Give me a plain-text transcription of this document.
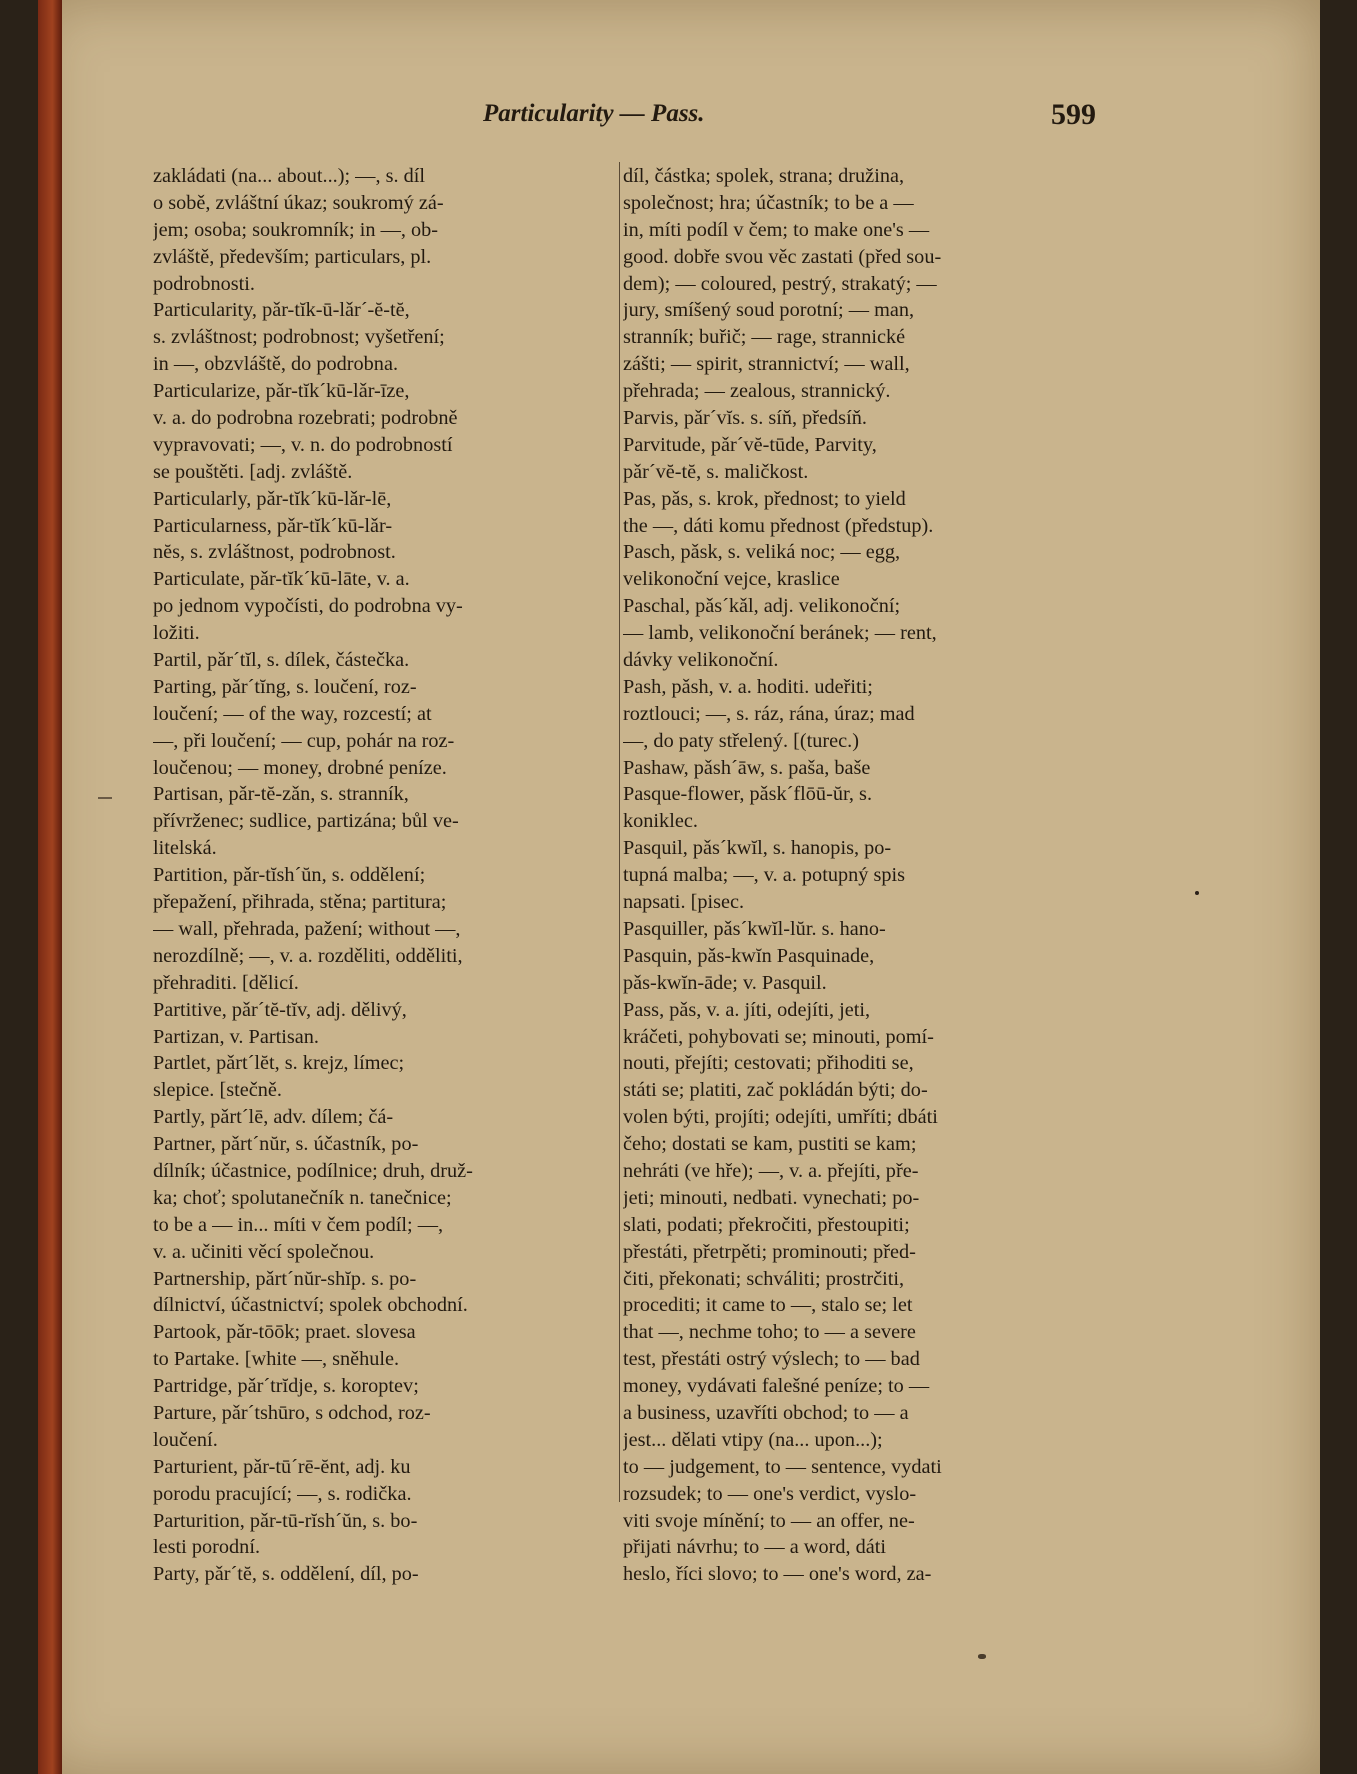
Particularity — Pass.	599
zakládati (na... about...); —, s. díl
o sobě, zvláštní úkaz; soukromý zá-
jem; osoba; soukromník; in —, ob-
zvláště, především; particulars, pl.
podrobnosti.
Particularity, pǎr-tĭk-ū-lǎr´-ĕ-tĕ,
s. zvláštnost; podrobnost; vyšetření;
in —, obzvláště, do podrobna.
Particularize, pǎr-tĭk´kū-lǎr-īze,
v. a. do podrobna rozebrati; podrobně
vypravovati; —, v. n. do podrobností
se pouštěti. [adj. zvláště.
Particularly, pǎr-tĭk´kū-lǎr-lē,
Particularness, pǎr-tĭk´kū-lǎr-
nĕs, s. zvláštnost, podrobnost.
Particulate, pǎr-tĭk´kū-lāte, v. a.
po jednom vypočísti, do podrobna vy-
ložiti.
Partil, pǎr´tĭl, s. dílek, částečka.
Parting, pǎr´tĭng, s. loučení, roz-
loučení; — of the way, rozcestí; at
—, při loučení; — cup, pohár na roz-
loučenou; — money, drobné peníze.
Partisan, pǎr-tĕ-zǎn, s. stranník,
přívrženec; sudlice, partizána; bůl ve-
litelská.
Partition, pǎr-tĭsh´ŭn, s. oddělení;
přepažení, přihrada, stěna; partitura;
— wall, přehrada, pažení; without —,
nerozdílně; —, v. a. rozděliti, odděliti,
přehraditi. [dělicí.
Partitive, pǎr´tĕ-tĭv, adj. dělivý,
Partizan, v. Partisan.
Partlet, pǎrt´lĕt, s. krejz, límec;
slepice. [stečně.
Partly, pǎrt´lē, adv. dílem; čá-
Partner, pǎrt´nŭr, s. účastník, po-
dílník; účastnice, podílnice; druh, druž-
ka; choť; spolutanečník n. tanečnice;
to be a — in... míti v čem podíl; —,
v. a. učiniti věcí společnou.
Partnership, pǎrt´nŭr-shĭp. s. po-
dílnictví, účastnictví; spolek obchodní.
Partook, pǎr-tōōk; praet. slovesa
to Partake. [white —, sněhule.
Partridge, pǎr´trĭdje, s. koroptev;
Parture, pǎr´tshūro, s odchod, roz-
loučení.
Parturient, pǎr-tū´rē-ĕnt, adj. ku
porodu pracující; —, s. rodička.
Parturition, pǎr-tū-rĭsh´ŭn, s. bo-
lesti porodní.
Party, pǎr´tĕ, s. oddělení, díl, po-
díl, částka; spolek, strana; družina,
společnost; hra; účastník; to be a —
in, míti podíl v čem; to make one's —
good. dobře svou věc zastati (před sou-
dem); — coloured, pestrý, strakatý; —
jury, smíšený soud porotní; — man,
stranník; buřič; — rage, strannické
zášti; — spirit, strannictví; — wall,
přehrada; — zealous, strannický.
Parvis, pǎr´vĭs. s. síň, předsíň.
Parvitude, pǎr´vĕ-tūde, Parvity,
pǎr´vĕ-tĕ, s. maličkost.
Pas, pǎs, s. krok, přednost; to yield
the —, dáti komu přednost (předstup).
Pasch, pǎsk, s. veliká noc; — egg,
velikonoční vejce, kraslice
Paschal, pǎs´kǎl, adj. velikonoční;
— lamb, velikonoční beránek; — rent,
dávky velikonoční.
Pash, pǎsh, v. a. hoditi. udeřiti;
roztlouci; —, s. ráz, rána, úraz; mad
—, do paty střelený. [(turec.)
Pashaw, pǎsh´āw, s. paša, baše
Pasque-flower, pǎsk´flōū-ŭr, s.
koniklec.
Pasquil, pǎs´kwĭl, s. hanopis, po-
tupná malba; —, v. a. potupný spis
napsati. [pisec.
Pasquiller, pǎs´kwĭl-lŭr. s. hano-
Pasquin, pǎs-kwĭn Pasquinade,
pǎs-kwĭn-āde; v. Pasquil.
Pass, pǎs, v. a. jíti, odejíti, jeti,
kráčeti, pohybovati se; minouti, pomí-
nouti, přejíti; cestovati; přihoditi se,
státi se; platiti, zač pokládán býti; do-
volen býti, projíti; odejíti, umříti; dbáti
čeho; dostati se kam, pustiti se kam;
nehráti (ve hře); —, v. a. přejíti, pře-
jeti; minouti, nedbati. vynechati; po-
slati, podati; překročiti, přestoupiti;
přestáti, přetrpěti; prominouti; před-
čiti, překonati; schváliti; prostrčiti,
procediti; it came to —, stalo se; let
that —, nechme toho; to — a severe
test, přestáti ostrý výslech; to — bad
money, vydávati falešné peníze; to —
a business, uzavříti obchod; to — a
jest... dělati vtipy (na... upon...);
to — judgement, to — sentence, vydati
rozsudek; to — one's verdict, vyslo-
viti svoje mínění; to — an offer, ne-
přijati návrhu; to — a word, dáti
heslo, říci slovo; to — one's word, za-
